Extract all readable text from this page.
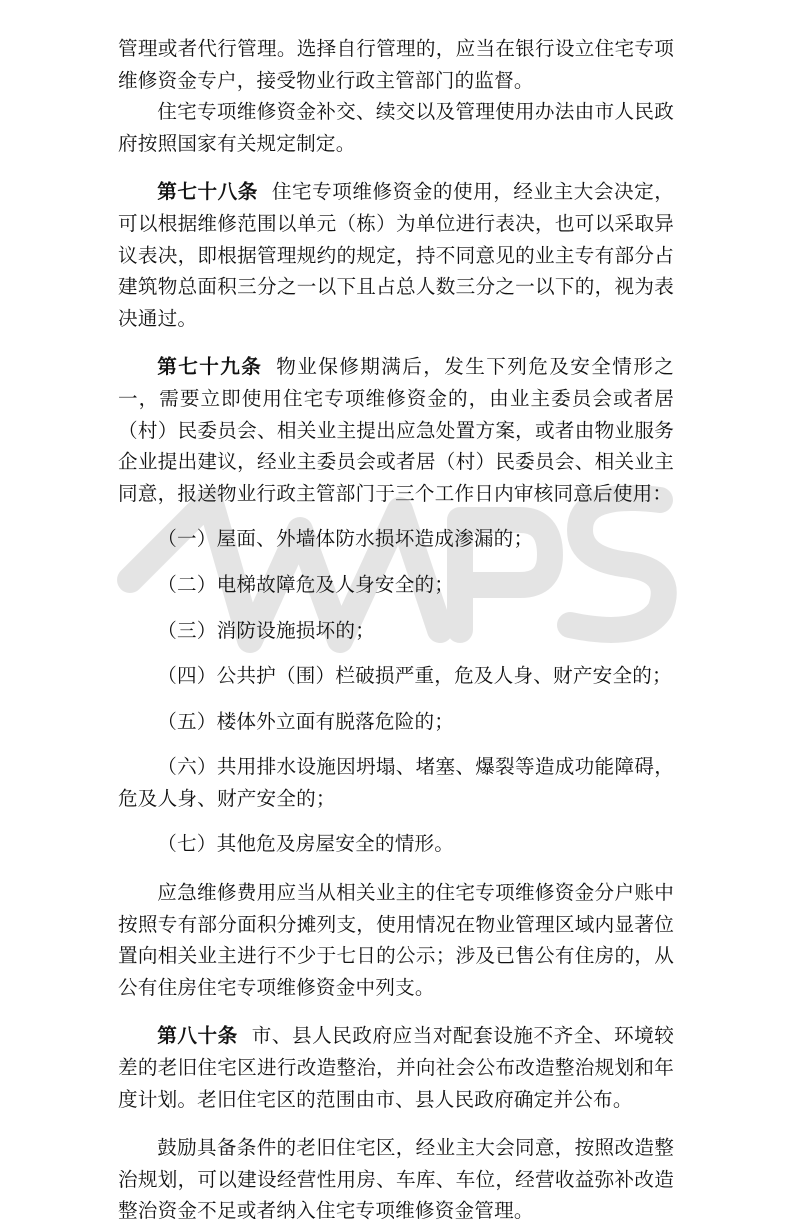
管理或者代行管理。选择自行管理的，应当在银行设立住宅专项维修资金专户，接受物业行政主管部门的监督。

住宅专项维修资金补交、续交以及管理使用办法由市人民政府按照国家有关规定制定。

第七十八条 住宅专项维修资金的使用，经业主大会决定，可以根据维修范围以单元（栋）为单位进行表决，也可以采取异议表决，即根据管理规约的规定，持不同意见的业主专有部分占建筑物总面积三分之一以下且占总人数三分之一以下的，视为表决通过。

第七十九条 物业保修期满后，发生下列危及安全情形之一，需要立即使用住宅专项维修资金的，由业主委员会或者居（村）民委员会、相关业主提出应急处置方案，或者由物业服务企业提出建议，经业主委员会或者居（村）民委员会、相关业主同意，报送物业行政主管部门于三个工作日内审核同意后使用：

（一）屋面、外墙体防水损坏造成渗漏的；

（二）电梯故障危及人身安全的；

（三）消防设施损坏的；

（四）公共护（围）栏破损严重，危及人身、财产安全的；

（五）楼体外立面有脱落危险的；

（六）共用排水设施因坍塌、堵塞、爆裂等造成功能障碍，危及人身、财产安全的；

（七）其他危及房屋安全的情形。

应急维修费用应当从相关业主的住宅专项维修资金分户账中按照专有部分面积分摊列支，使用情况在物业管理区域内显著位置向相关业主进行不少于七日的公示；涉及已售公有住房的，从公有住房住宅专项维修资金中列支。

第八十条 市、县人民政府应当对配套设施不齐全、环境较差的老旧住宅区进行改造整治，并向社会公布改造整治规划和年度计划。老旧住宅区的范围由市、县人民政府确定并公布。

鼓励具备条件的老旧住宅区，经业主大会同意，按照改造整治规划，可以建设经营性用房、车库、车位，经营收益弥补改造整治资金不足或者纳入住宅专项维修资金管理。
